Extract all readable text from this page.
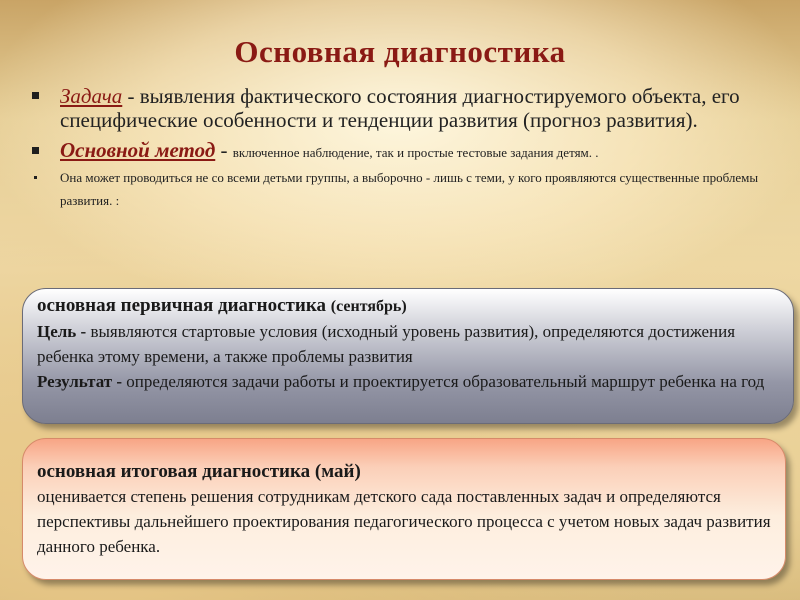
Основная диагностика
Задача - выявления фактического состояния диагностируемого объекта, его специфические особенности и тенденции развития (прогноз развития).
Основной метод - включенное наблюдение, так и простые тестовые задания детям. .
Она может проводиться не со всеми детьми группы, а выборочно - лишь с теми, у кого проявляются существенные проблемы развития. :
основная первичная диагностика (сентябрь)
Цель - выявляются стартовые условия (исходный уровень развития), определяются достижения ребенка этому времени, а также проблемы развития
Результат - определяются задачи работы и проектируется образовательный маршрут ребенка на год
основная итоговая диагностика (май)
оценивается степень решения сотрудникам детского сада поставленных задач и определяются перспективы дальнейшего проектирования педагогического процесса с учетом новых задач развития данного ребенка.
